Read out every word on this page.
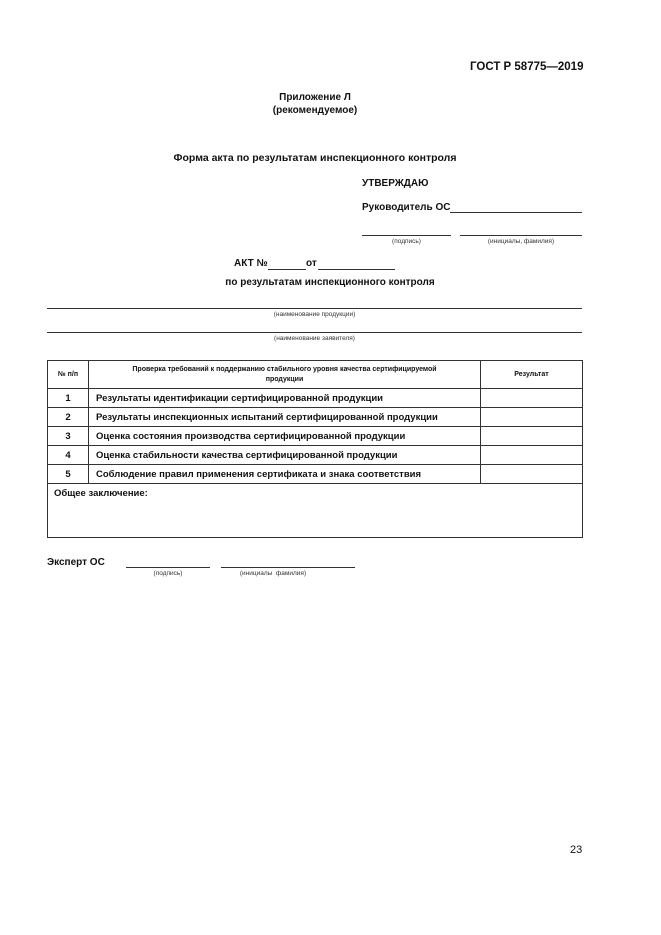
ГОСТ Р 58775—2019
Приложение Л
(рекомендуемое)
Форма акта по результатам инспекционного контроля
УТВЕРЖДАЮ
Руководитель ОС
(подпись)	(инициалы, фамилия)
АКТ №	от
по результатам инспекционного контроля
(наименование продукции)
(наименование заявителя)
№ п/п	Проверка требований к поддержанию стабильного уровня качества сертифицируемой продукции	Результат
1	Результаты идентификации сертифицированной продукции	
2	Результаты инспекционных испытаний сертифицированной продукции	
3	Оценка состояния производства сертифицированной продукции	
4	Оценка стабильности качества сертифицированной продукции	
5	Соблюдение правил применения сертификата и знака соответствия	
Общее заключение:		
Эксперт ОС
(подпись)	(инициалы  фамилия)
23
